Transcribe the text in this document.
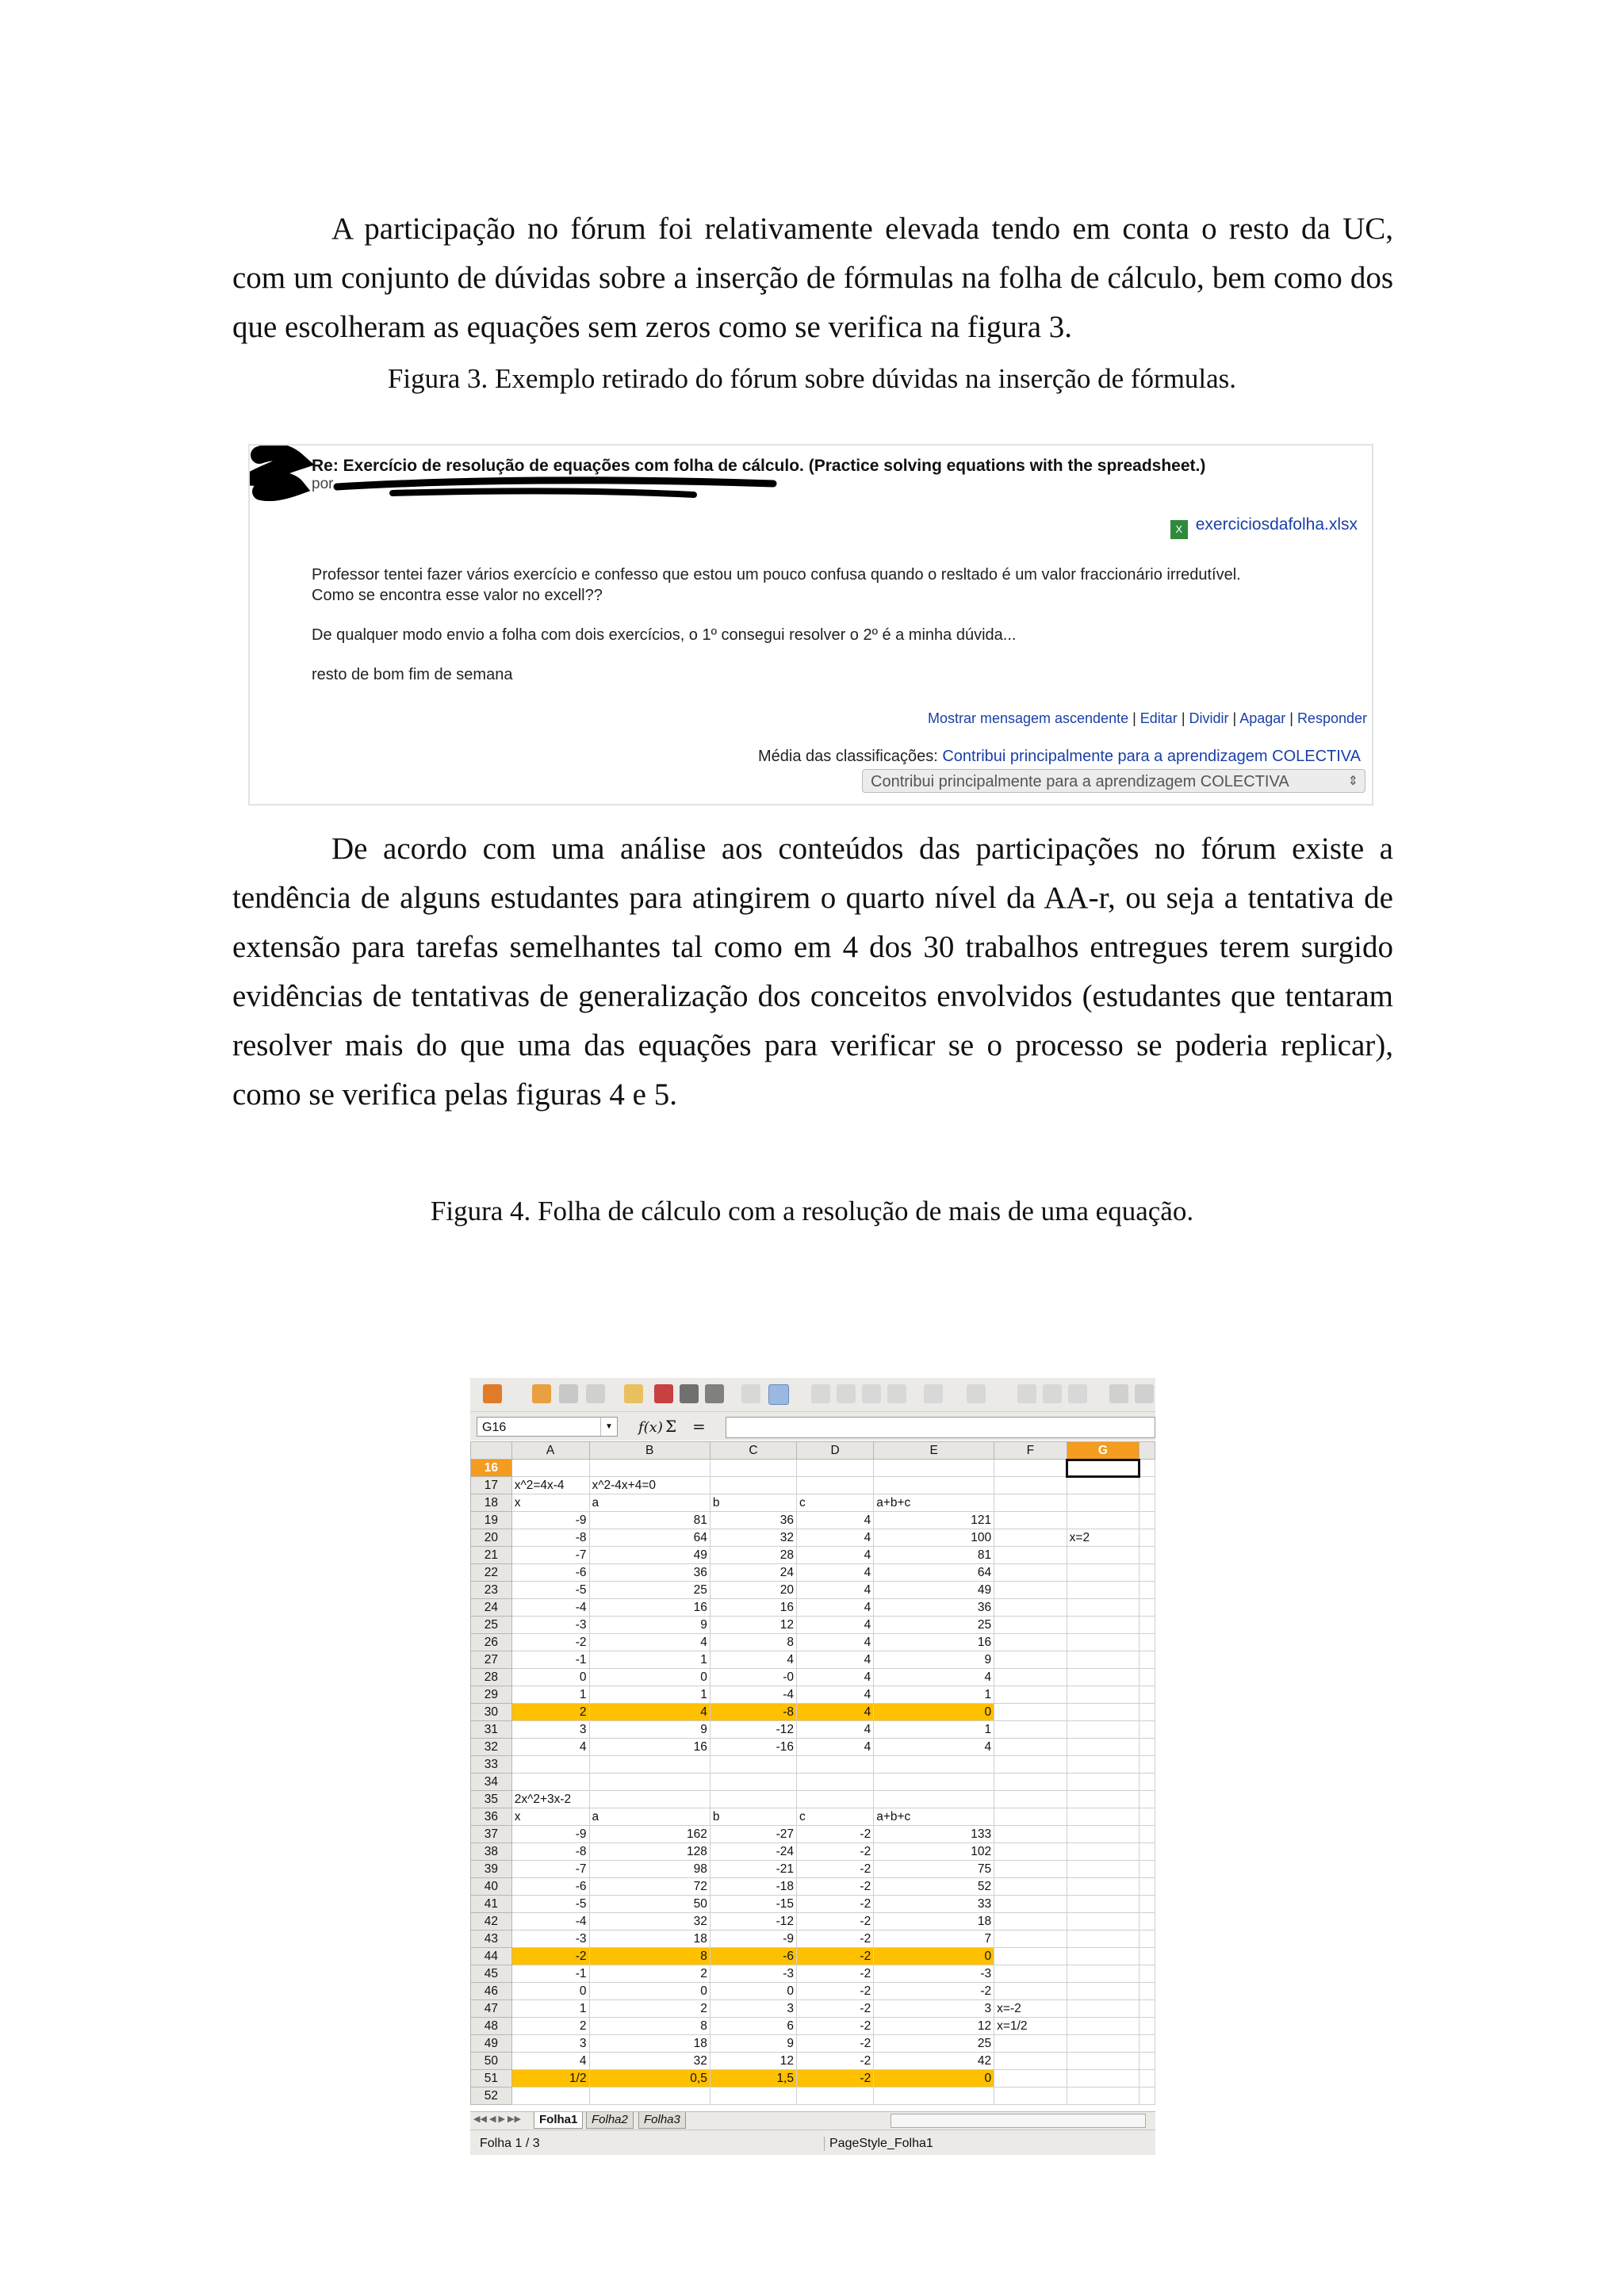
A participação no fórum foi relativamente elevada tendo em conta o resto da UC, com um conjunto de dúvidas sobre a inserção de fórmulas na folha de cálculo, bem como dos que escolheram as equações sem zeros como se verifica na figura 3.

Figura 3. Exemplo retirado do fórum sobre dúvidas na inserção de fórmulas.

Re: Exercício de resolução de equações com folha de cálculo. (Practice solving equations with the spreadsheet.)
por
X exerciciosdafolha.xlsx
Professor tentei fazer vários exercício e confesso que estou um pouco confusa quando o resltado é um valor fraccionário irredutível.
Como se encontra esse valor no excell??
De qualquer modo envio a folha com dois exercícios, o 1º consegui resolver o 2º é a minha dúvida...
resto de bom fim de semana
Mostrar mensagem ascendente | Editar | Dividir | Apagar | Responder
Média das classificações: Contribui principalmente para a aprendizagem COLECTIVA
Contribui principalmente para a aprendizagem COLECTIVA	⇕

De acordo com uma análise aos conteúdos das participações no fórum existe a tendência de alguns estudantes para atingirem o quarto nível da AA-r, ou seja a tentativa de extensão para tarefas semelhantes tal como em 4 dos 30 trabalhos entregues terem surgido evidências de tentativas de generalização dos conceitos envolvidos (estudantes que tentaram resolver mais do que uma das equações para verificar se o processo se poderia replicar), como se verifica pelas figuras 4 e 5.

Figura 4. Folha de cálculo com a resolução de mais de uma equação.

G16	▼ f(x) Σ =
	A	B	C	D	E	F	G	
16								
17	x^2=4x-4	x^2-4x+4=0						
18	x	a	b	c	a+b+c			
19	-9	81	36	4	121			
20	-8	64	32	4	100		x=2	
21	-7	49	28	4	81			
22	-6	36	24	4	64			
23	-5	25	20	4	49			
24	-4	16	16	4	36			
25	-3	9	12	4	25			
26	-2	4	8	4	16			
27	-1	1	4	4	9			
28	0	0	-0	4	4			
29	1	1	-4	4	1			
30	2	4	-8	4	0			
31	3	9	-12	4	1			
32	4	16	-16	4	4			
33								
34								
35	2x^2+3x-2							
36	x	a	b	c	a+b+c			
37	-9	162	-27	-2	133			
38	-8	128	-24	-2	102			
39	-7	98	-21	-2	75			
40	-6	72	-18	-2	52			
41	-5	50	-15	-2	33			
42	-4	32	-12	-2	18			
43	-3	18	-9	-2	7			
44	-2	8	-6	-2	0			
45	-1	2	-3	-2	-3			
46	0	0	0	-2	-2			
47	1	2	3	-2	3	x=-2		
48	2	8	6	-2	12	x=1/2		
49	3	18	9	-2	25			
50	4	32	12	-2	42			
51	1/2	0,5	1,5	-2	0			
52								
◀◀ ◀ ▶ ▶▶	Folha1	Folha2	Folha3
Folha 1 / 3	PageStyle_Folha1
